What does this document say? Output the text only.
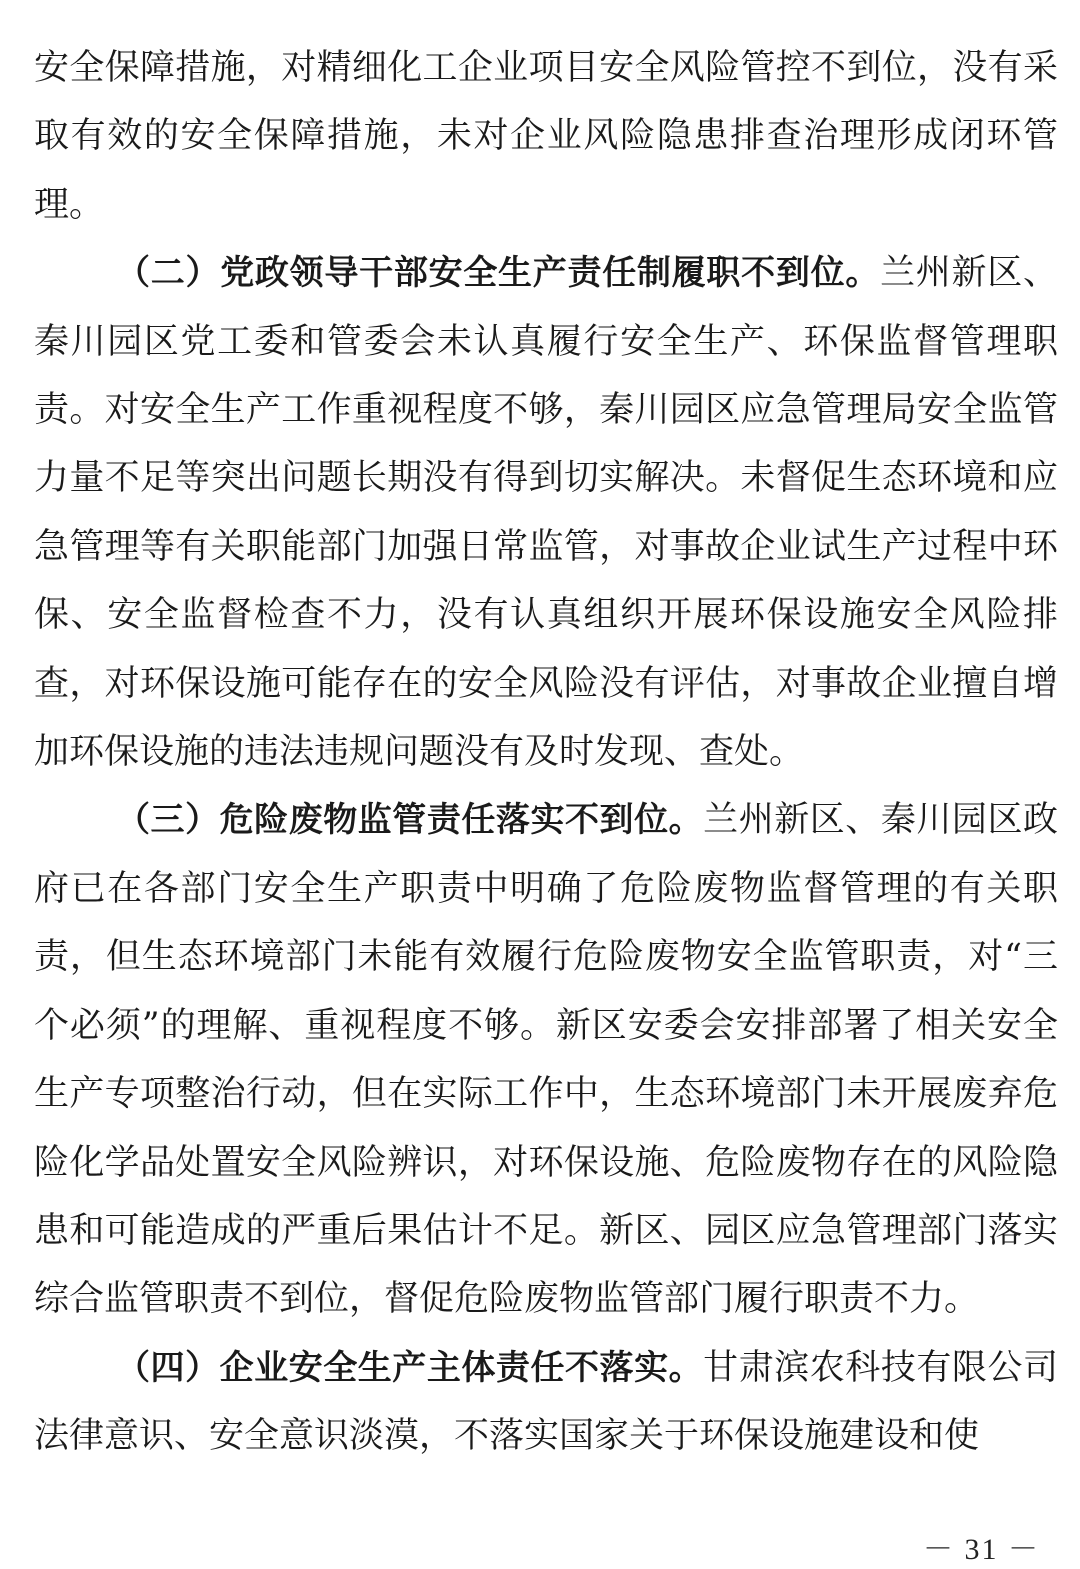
安全保障措施，对精细化工企业项目安全风险管控不到位，没有采取有效的安全保障措施，未对企业风险隐患排查治理形成闭环管理。

（二）党政领导干部安全生产责任制履职不到位。兰州新区、秦川园区党工委和管委会未认真履行安全生产、环保监督管理职责。对安全生产工作重视程度不够，秦川园区应急管理局安全监管力量不足等突出问题长期没有得到切实解决。未督促生态环境和应急管理等有关职能部门加强日常监管，对事故企业试生产过程中环保、安全监督检查不力，没有认真组织开展环保设施安全风险排查，对环保设施可能存在的安全风险没有评估，对事故企业擅自增加环保设施的违法违规问题没有及时发现、查处。

（三）危险废物监管责任落实不到位。兰州新区、秦川园区政府已在各部门安全生产职责中明确了危险废物监督管理的有关职责，但生态环境部门未能有效履行危险废物安全监管职责，对“三个必须”的理解、重视程度不够。新区安委会安排部署了相关安全生产专项整治行动，但在实际工作中，生态环境部门未开展废弃危险化学品处置安全风险辨识，对环保设施、危险废物存在的风险隐患和可能造成的严重后果估计不足。新区、园区应急管理部门落实综合监管职责不到位，督促危险废物监管部门履行职责不力。

（四）企业安全生产主体责任不落实。甘肃滨农科技有限公司法律意识、安全意识淡漠，不落实国家关于环保设施建设和使

－ 31 －
